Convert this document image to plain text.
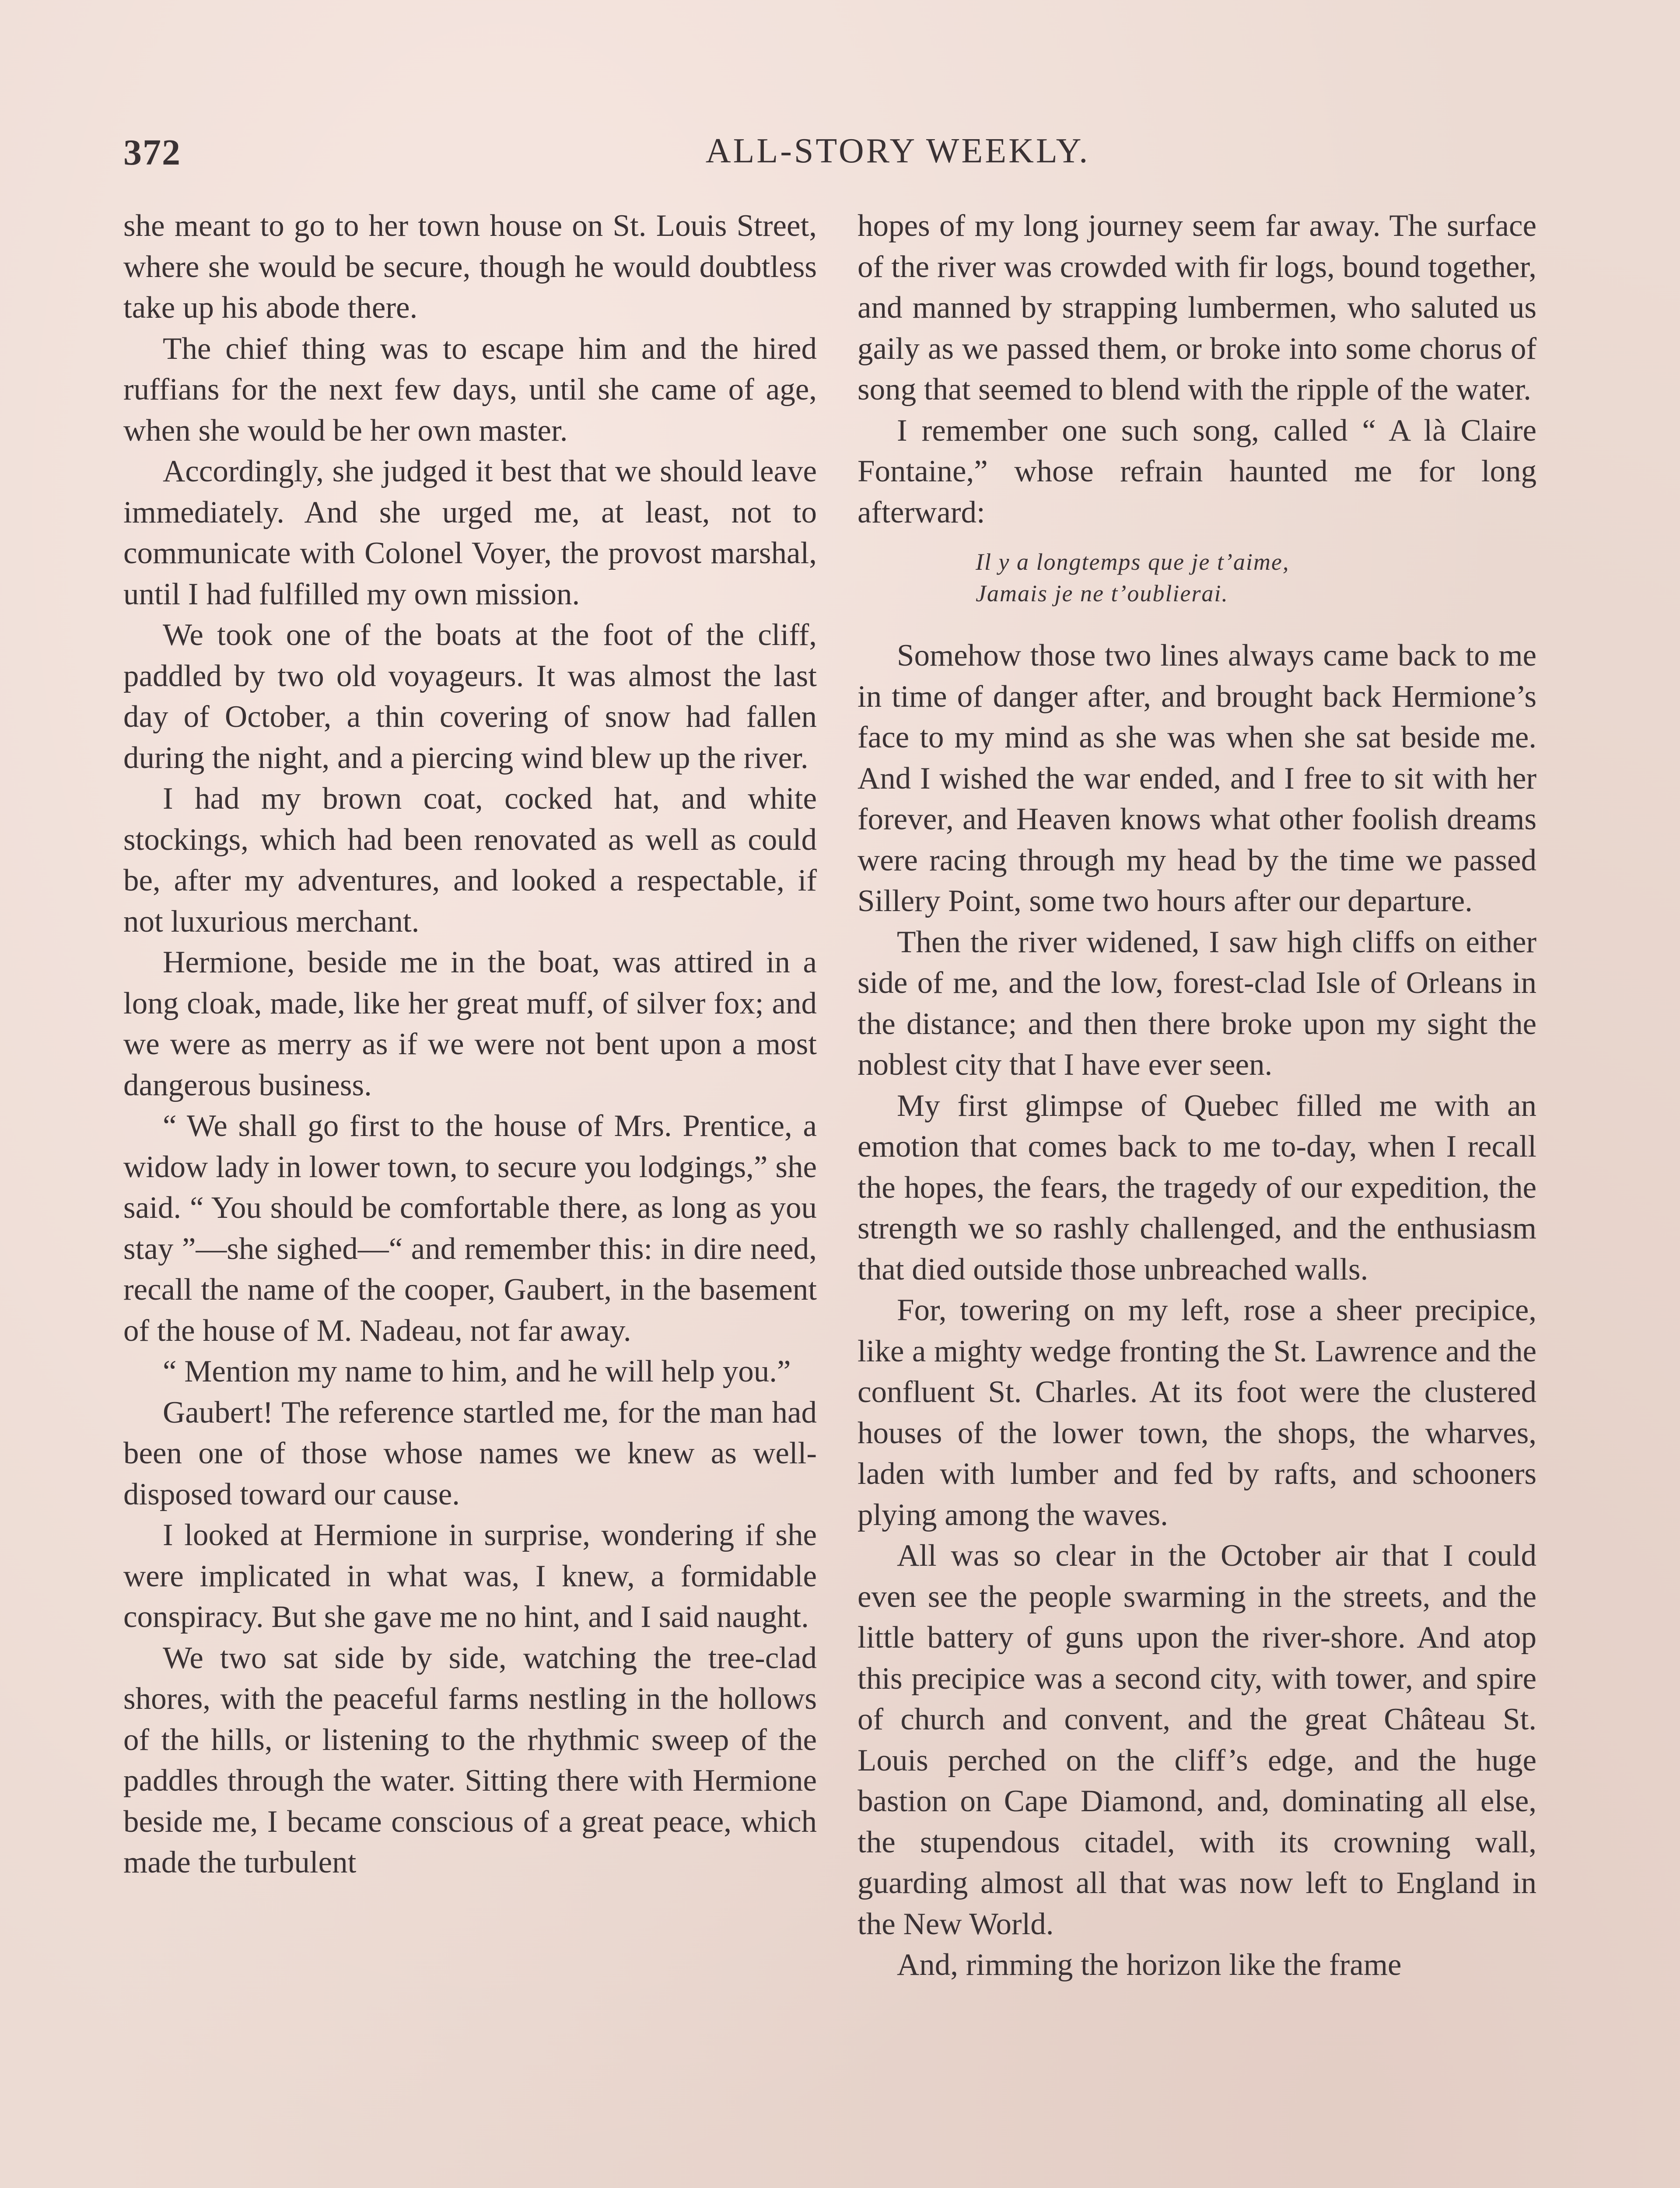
372	ALL-STORY WEEKLY.

she meant to go to her town house on St. Louis Street, where she would be secure, though he would doubtless take up his abode there.

The chief thing was to escape him and the hired ruffians for the next few days, until she came of age, when she would be her own master.

Accordingly, she judged it best that we should leave immediately. And she urged me, at least, not to communicate with Colonel Voyer, the provost marshal, until I had fulfilled my own mission.

We took one of the boats at the foot of the cliff, paddled by two old voyageurs. It was almost the last day of October, a thin covering of snow had fallen during the night, and a piercing wind blew up the river.

I had my brown coat, cocked hat, and white stockings, which had been renovated as well as could be, after my adventures, and looked a respectable, if not luxurious merchant.

Hermione, beside me in the boat, was attired in a long cloak, made, like her great muff, of silver fox; and we were as merry as if we were not bent upon a most dangerous business.

“ We shall go first to the house of Mrs. Prentice, a widow lady in lower town, to secure you lodgings,” she said. “ You should be comfortable there, as long as you stay ”—she sighed—“ and remember this: in dire need, recall the name of the cooper, Gaubert, in the basement of the house of M. Nadeau, not far away.

“ Mention my name to him, and he will help you.”

Gaubert! The reference startled me, for the man had been one of those whose names we knew as well-disposed toward our cause.

I looked at Hermione in surprise, wondering if she were implicated in what was, I knew, a formidable conspiracy. But she gave me no hint, and I said naught.

We two sat side by side, watching the tree-clad shores, with the peaceful farms nestling in the hollows of the hills, or listening to the rhythmic sweep of the paddles through the water. Sitting there with Hermione beside me, I became conscious of a great peace, which made the turbulent

hopes of my long journey seem far away. The surface of the river was crowded with fir logs, bound together, and manned by strapping lumbermen, who saluted us gaily as we passed them, or broke into some chorus of song that seemed to blend with the ripple of the water.

I remember one such song, called “ A là Claire Fontaine,” whose refrain haunted me for long afterward:

Il y a longtemps que je t’aime,
Jamais je ne t’oublierai.

Somehow those two lines always came back to me in time of danger after, and brought back Hermione’s face to my mind as she was when she sat beside me. And I wished the war ended, and I free to sit with her forever, and Heaven knows what other foolish dreams were racing through my head by the time we passed Sillery Point, some two hours after our departure.

Then the river widened, I saw high cliffs on either side of me, and the low, forest-clad Isle of Orleans in the distance; and then there broke upon my sight the noblest city that I have ever seen.

My first glimpse of Quebec filled me with an emotion that comes back to me to-day, when I recall the hopes, the fears, the tragedy of our expedition, the strength we so rashly challenged, and the enthusiasm that died outside those unbreached walls.

For, towering on my left, rose a sheer precipice, like a mighty wedge fronting the St. Lawrence and the confluent St. Charles. At its foot were the clustered houses of the lower town, the shops, the wharves, laden with lumber and fed by rafts, and schooners plying among the waves.

All was so clear in the October air that I could even see the people swarming in the streets, and the little battery of guns upon the river-shore. And atop this precipice was a second city, with tower, and spire of church and convent, and the great Château St. Louis perched on the cliff’s edge, and the huge bastion on Cape Diamond, and, dominating all else, the stupendous citadel, with its crowning wall, guarding almost all that was now left to England in the New World.

And, rimming the horizon like the frame
